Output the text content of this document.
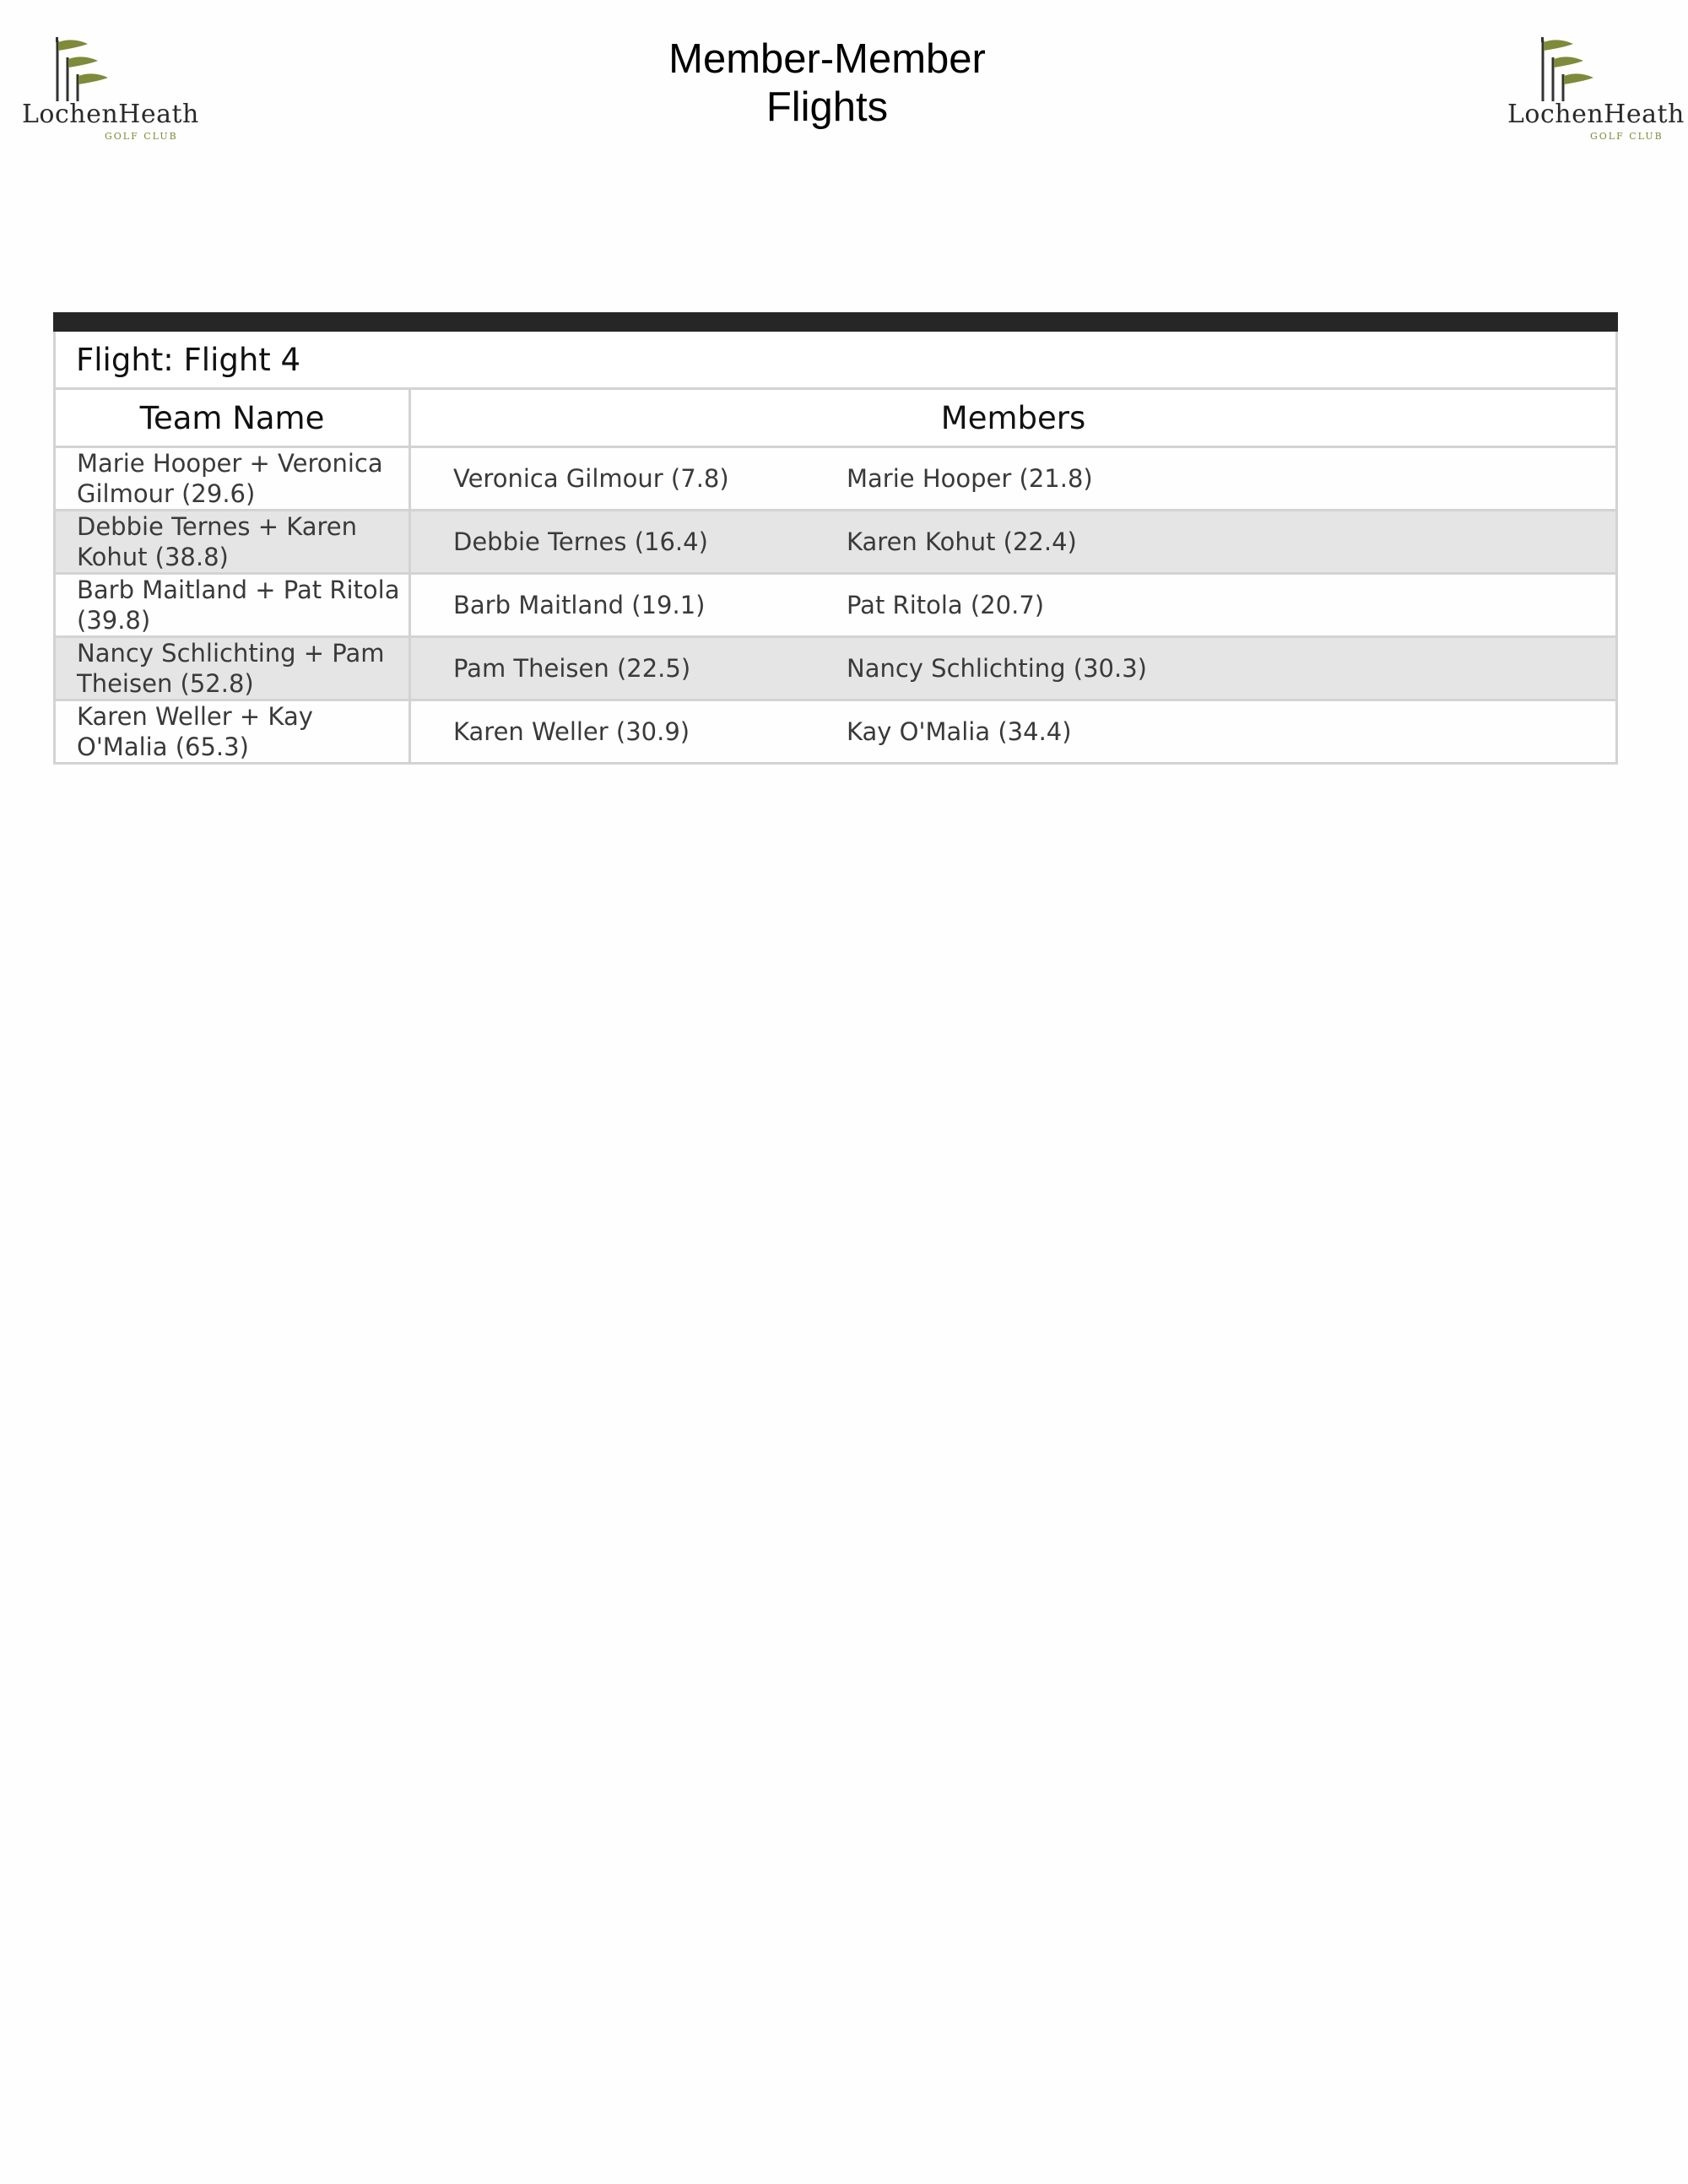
LochenHeath
GOLF CLUB
Member-Member
Flights	LochenHeath
GOLF CLUB

Flight: Flight 4	
Team Name	Members
Marie Hooper + Veronica Gilmour (29.6)	Veronica Gilmour (7.8) Marie Hooper (21.8)
Debbie Ternes + Karen Kohut (38.8)	Debbie Ternes (16.4) Karen Kohut (22.4)
Barb Maitland + Pat Ritola (39.8)	Barb Maitland (19.1) Pat Ritola (20.7)
Nancy Schlichting + Pam Theisen (52.8)	Pam Theisen (22.5) Nancy Schlichting (30.3)
Karen Weller + Kay O'Malia (65.3)	Karen Weller (30.9) Kay O'Malia (34.4)
